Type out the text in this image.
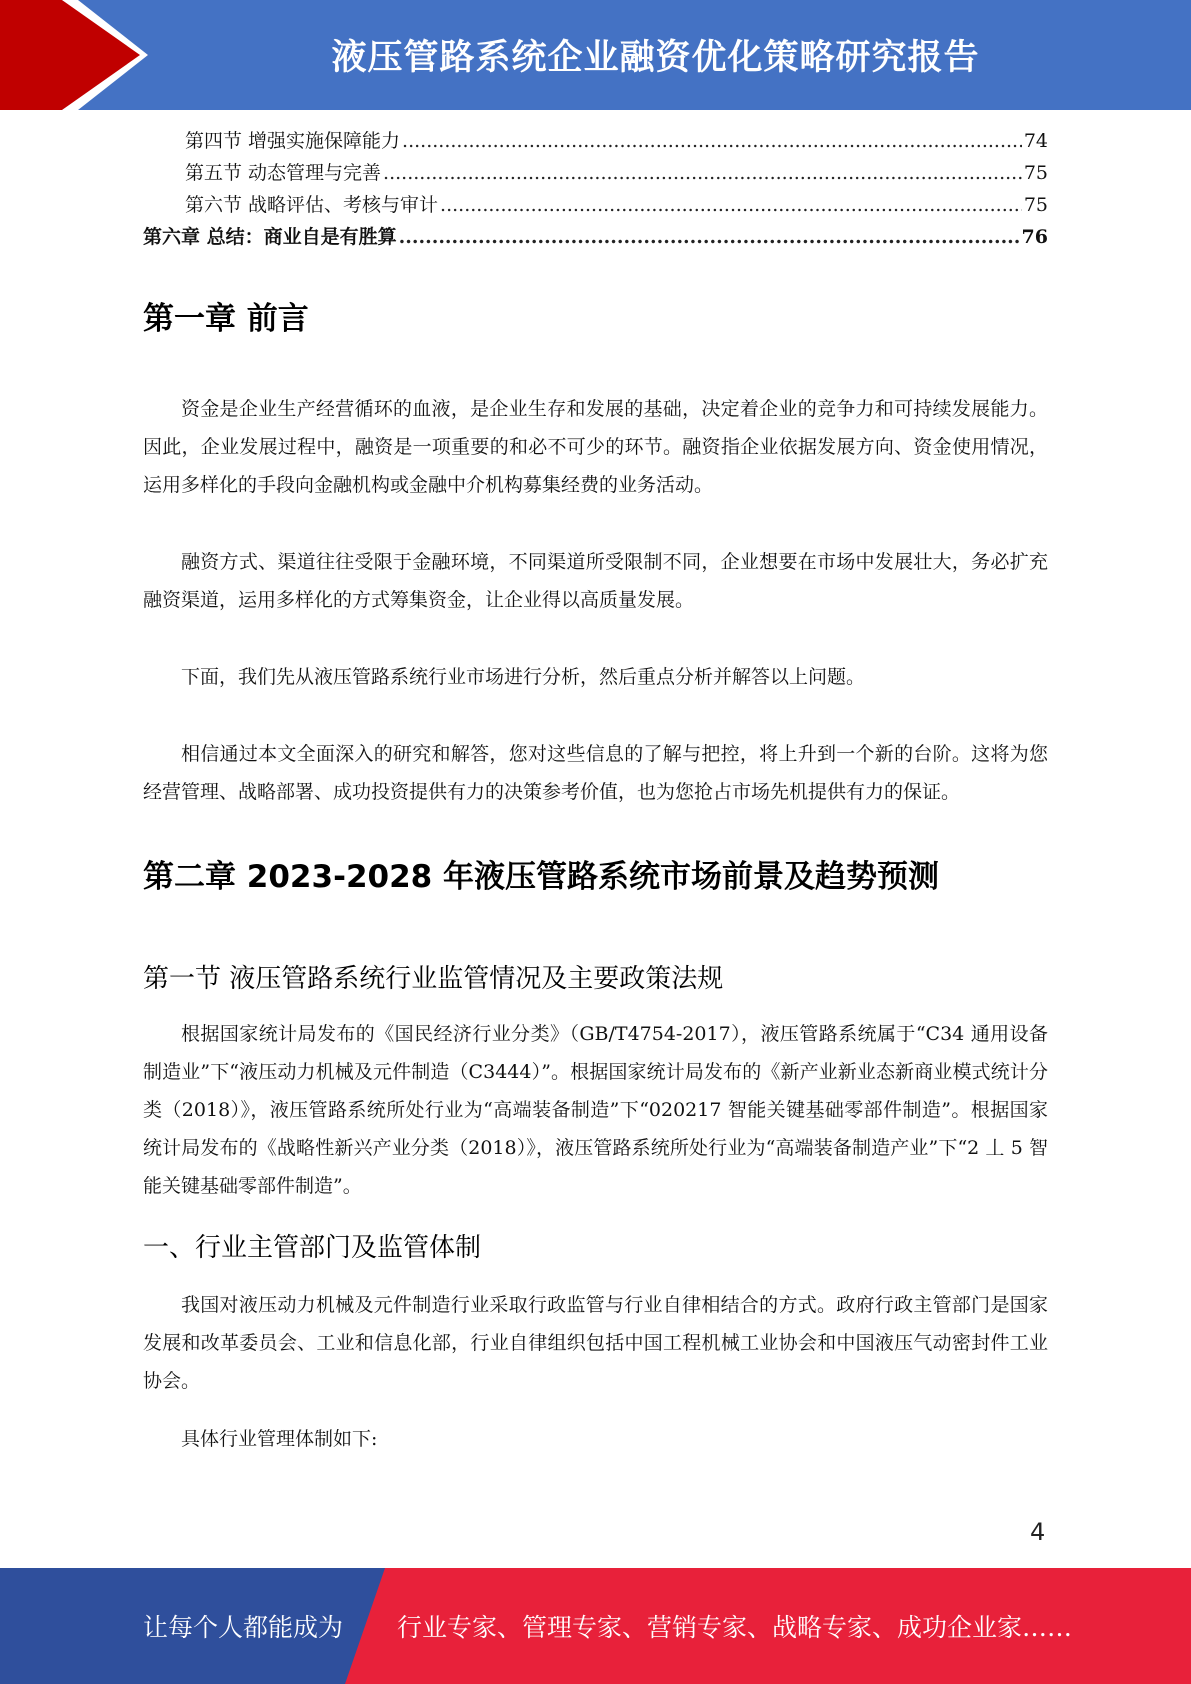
液压管路系统企业融资优化策略研究报告
第四节 增强实施保障能力 .....	74
第五节 动态管理与完善 .....	75
第六节 战略评估、考核与审计 .....	75
第六章 总结：商业自是有胜算 .....	76
第一章 前言

资金是企业生产经营循环的血液，是企业生存和发展的基础，决定着企业的竞争力和可持续发展能力。因此，企业发展过程中，融资是一项重要的和必不可少的环节。融资指企业依据发展方向、资金使用情况，运用多样化的手段向金融机构或金融中介机构募集经费的业务活动。

融资方式、渠道往往受限于金融环境，不同渠道所受限制不同，企业想要在市场中发展壮大，务必扩充融资渠道，运用多样化的方式筹集资金，让企业得以高质量发展。

下面，我们先从液压管路系统行业市场进行分析，然后重点分析并解答以上问题。

相信通过本文全面深入的研究和解答，您对这些信息的了解与把控，将上升到一个新的台阶。这将为您经营管理、战略部署、成功投资提供有力的决策参考价值，也为您抢占市场先机提供有力的保证。

第二章 2023-2028 年液压管路系统市场前景及趋势预测
第一节 液压管路系统行业监管情况及主要政策法规

根据国家统计局发布的《国民经济行业分类》（GB/T4754-2017），液压管路系统属于“C34 通用设备制造业”下“液压动力机械及元件制造（C3444）”。根据国家统计局发布的《新产业新业态新商业模式统计分类（2018）》，液压管路系统所处行业为“高端装备制造”下“020217 智能关键基础零部件制造”。根据国家统计局发布的《战略性新兴产业分类（2018）》，液压管路系统所处行业为“高端装备制造产业”下“2 丄 5 智能关键基础零部件制造”。

一、行业主管部门及监管体制

我国对液压动力机械及元件制造行业采取行政监管与行业自律相结合的方式。政府行政主管部门是国家发展和改革委员会、工业和信息化部，行业自律组织包括中国工程机械工业协会和中国液压气动密封件工业协会。

具体行业管理体制如下:

4
让每个人都能成为 行业专家、管理专家、营销专家、战略专家、成功企业家……
